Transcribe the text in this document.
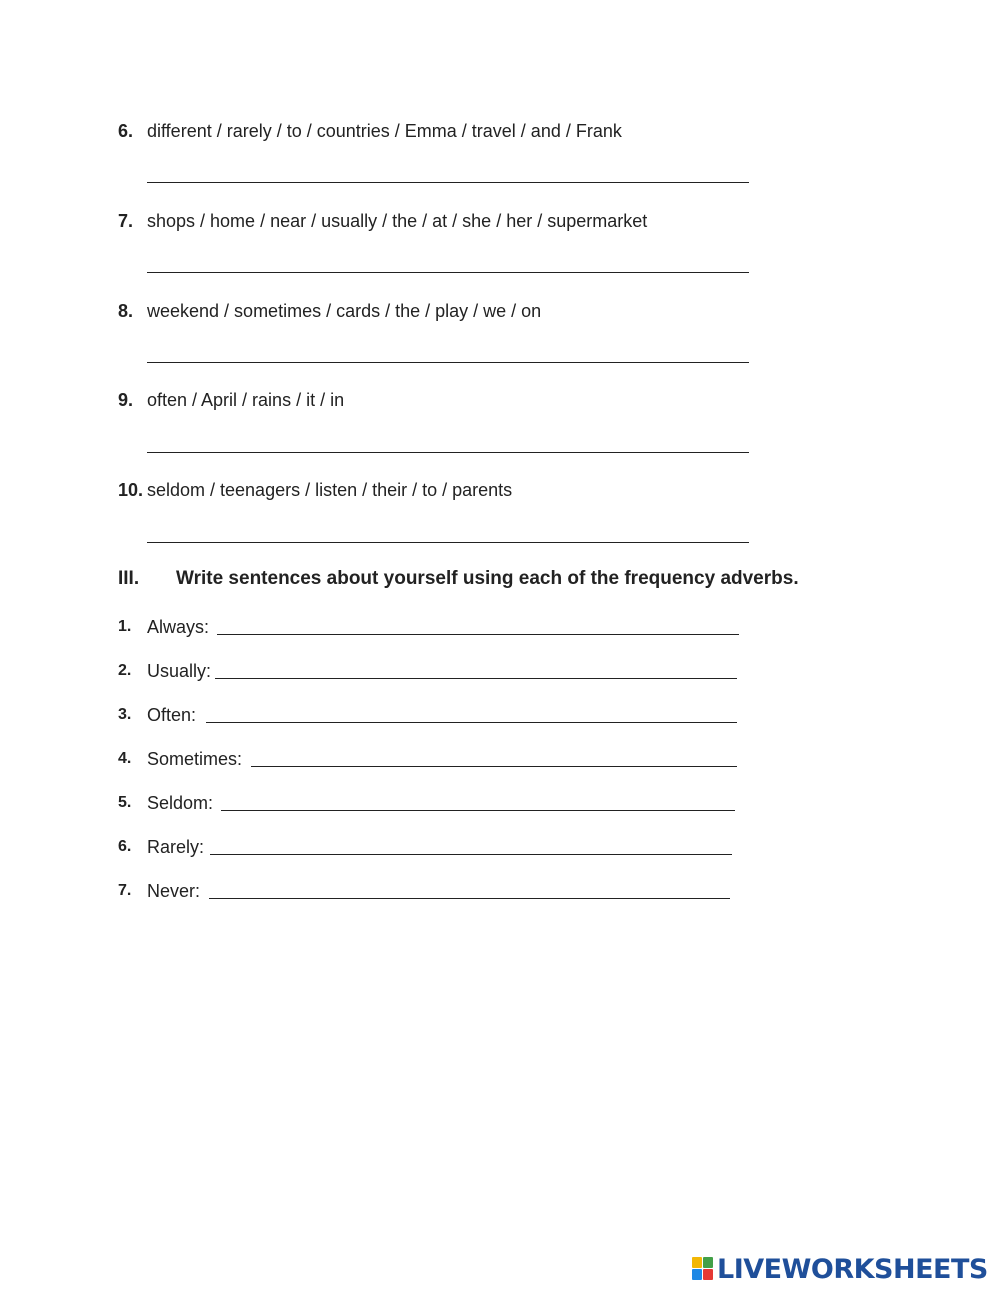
6. different / rarely / to / countries / Emma / travel / and / Frank
7. shops / home / near / usually / the / at / she / her / supermarket
8. weekend / sometimes / cards / the / play / we / on
9. often / April / rains / it / in
10. seldom / teenagers / listen / their / to / parents
III. Write sentences about yourself using each of the frequency adverbs.
1. Always:
2. Usually:
3. Often:
4. Sometimes:
5. Seldom:
6. Rarely:
7. Never:
LIVEWORKSHEETS
